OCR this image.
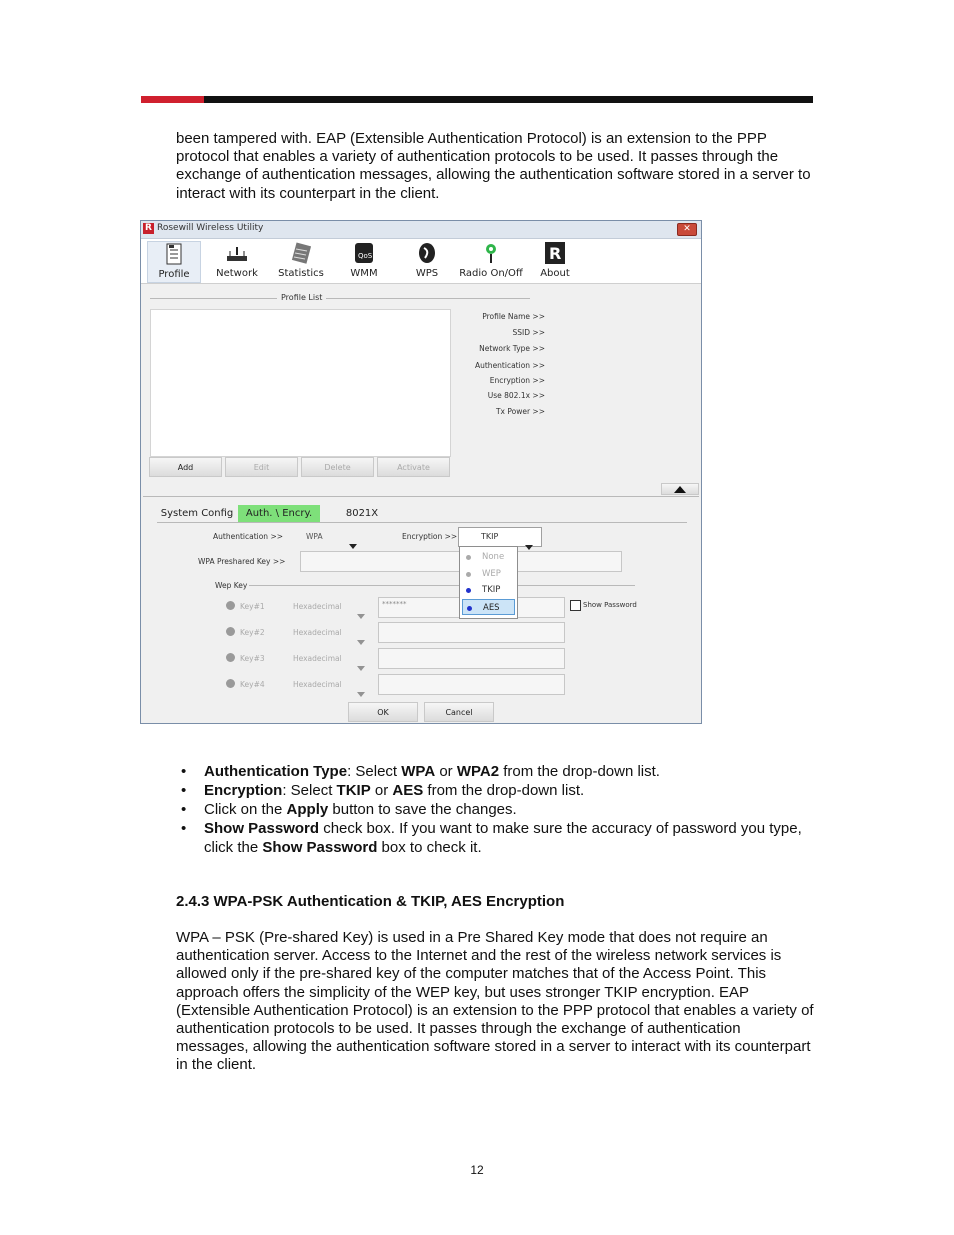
been tampered with. EAP (Extensible Authentication Protocol) is an extension to the PPP protocol that enables a variety of authentication protocols to be used. It passes through the exchange of authentication messages, allowing the authentication software stored in a server to interact with its counterpart in the client.

R Rosewill Wireless Utility	✕
Profile	Network	Statistics
QoS
WMM	WPS	Radio On/Off
R
About
Profile List
Add	Edit	Delete	Activate
Profile Name >>
SSID >>
Network Type >>
Authentication >>
Encryption >>
Use 802.1x >>
Tx Power >>
System Config	Auth. \ Encry.	8021X
Authentication >>	WPA	Encryption >>	TKIP
WPA Preshared Key >>
Wep Key
Key#1	Hexadecimal	*******
Key#2	Hexadecimal
Key#3	Hexadecimal
Key#4	Hexadecimal
Show Password
None
WEP
TKIP
AES
OK	Cancel
• Authentication Type: Select WPA or WPA2 from the drop-down list.
• Encryption: Select TKIP or AES from the drop-down list.
• Click on the Apply button to save the changes.
• Show Password check box. If you want to make sure the accuracy of password you type, click the Show Password box to check it.
2.4.3 WPA-PSK Authentication & TKIP, AES Encryption

WPA – PSK (Pre-shared Key) is used in a Pre Shared Key mode that does not require an authentication server. Access to the Internet and the rest of the wireless network services is allowed only if the pre-shared key of the computer matches that of the Access Point. This approach offers the simplicity of the WEP key, but uses stronger TKIP encryption. EAP (Extensible Authentication Protocol) is an extension to the PPP protocol that enables a variety of authentication protocols to be used. It passes through the exchange of authentication messages, allowing the authentication software stored in a server to interact with its counterpart in the client.

12
